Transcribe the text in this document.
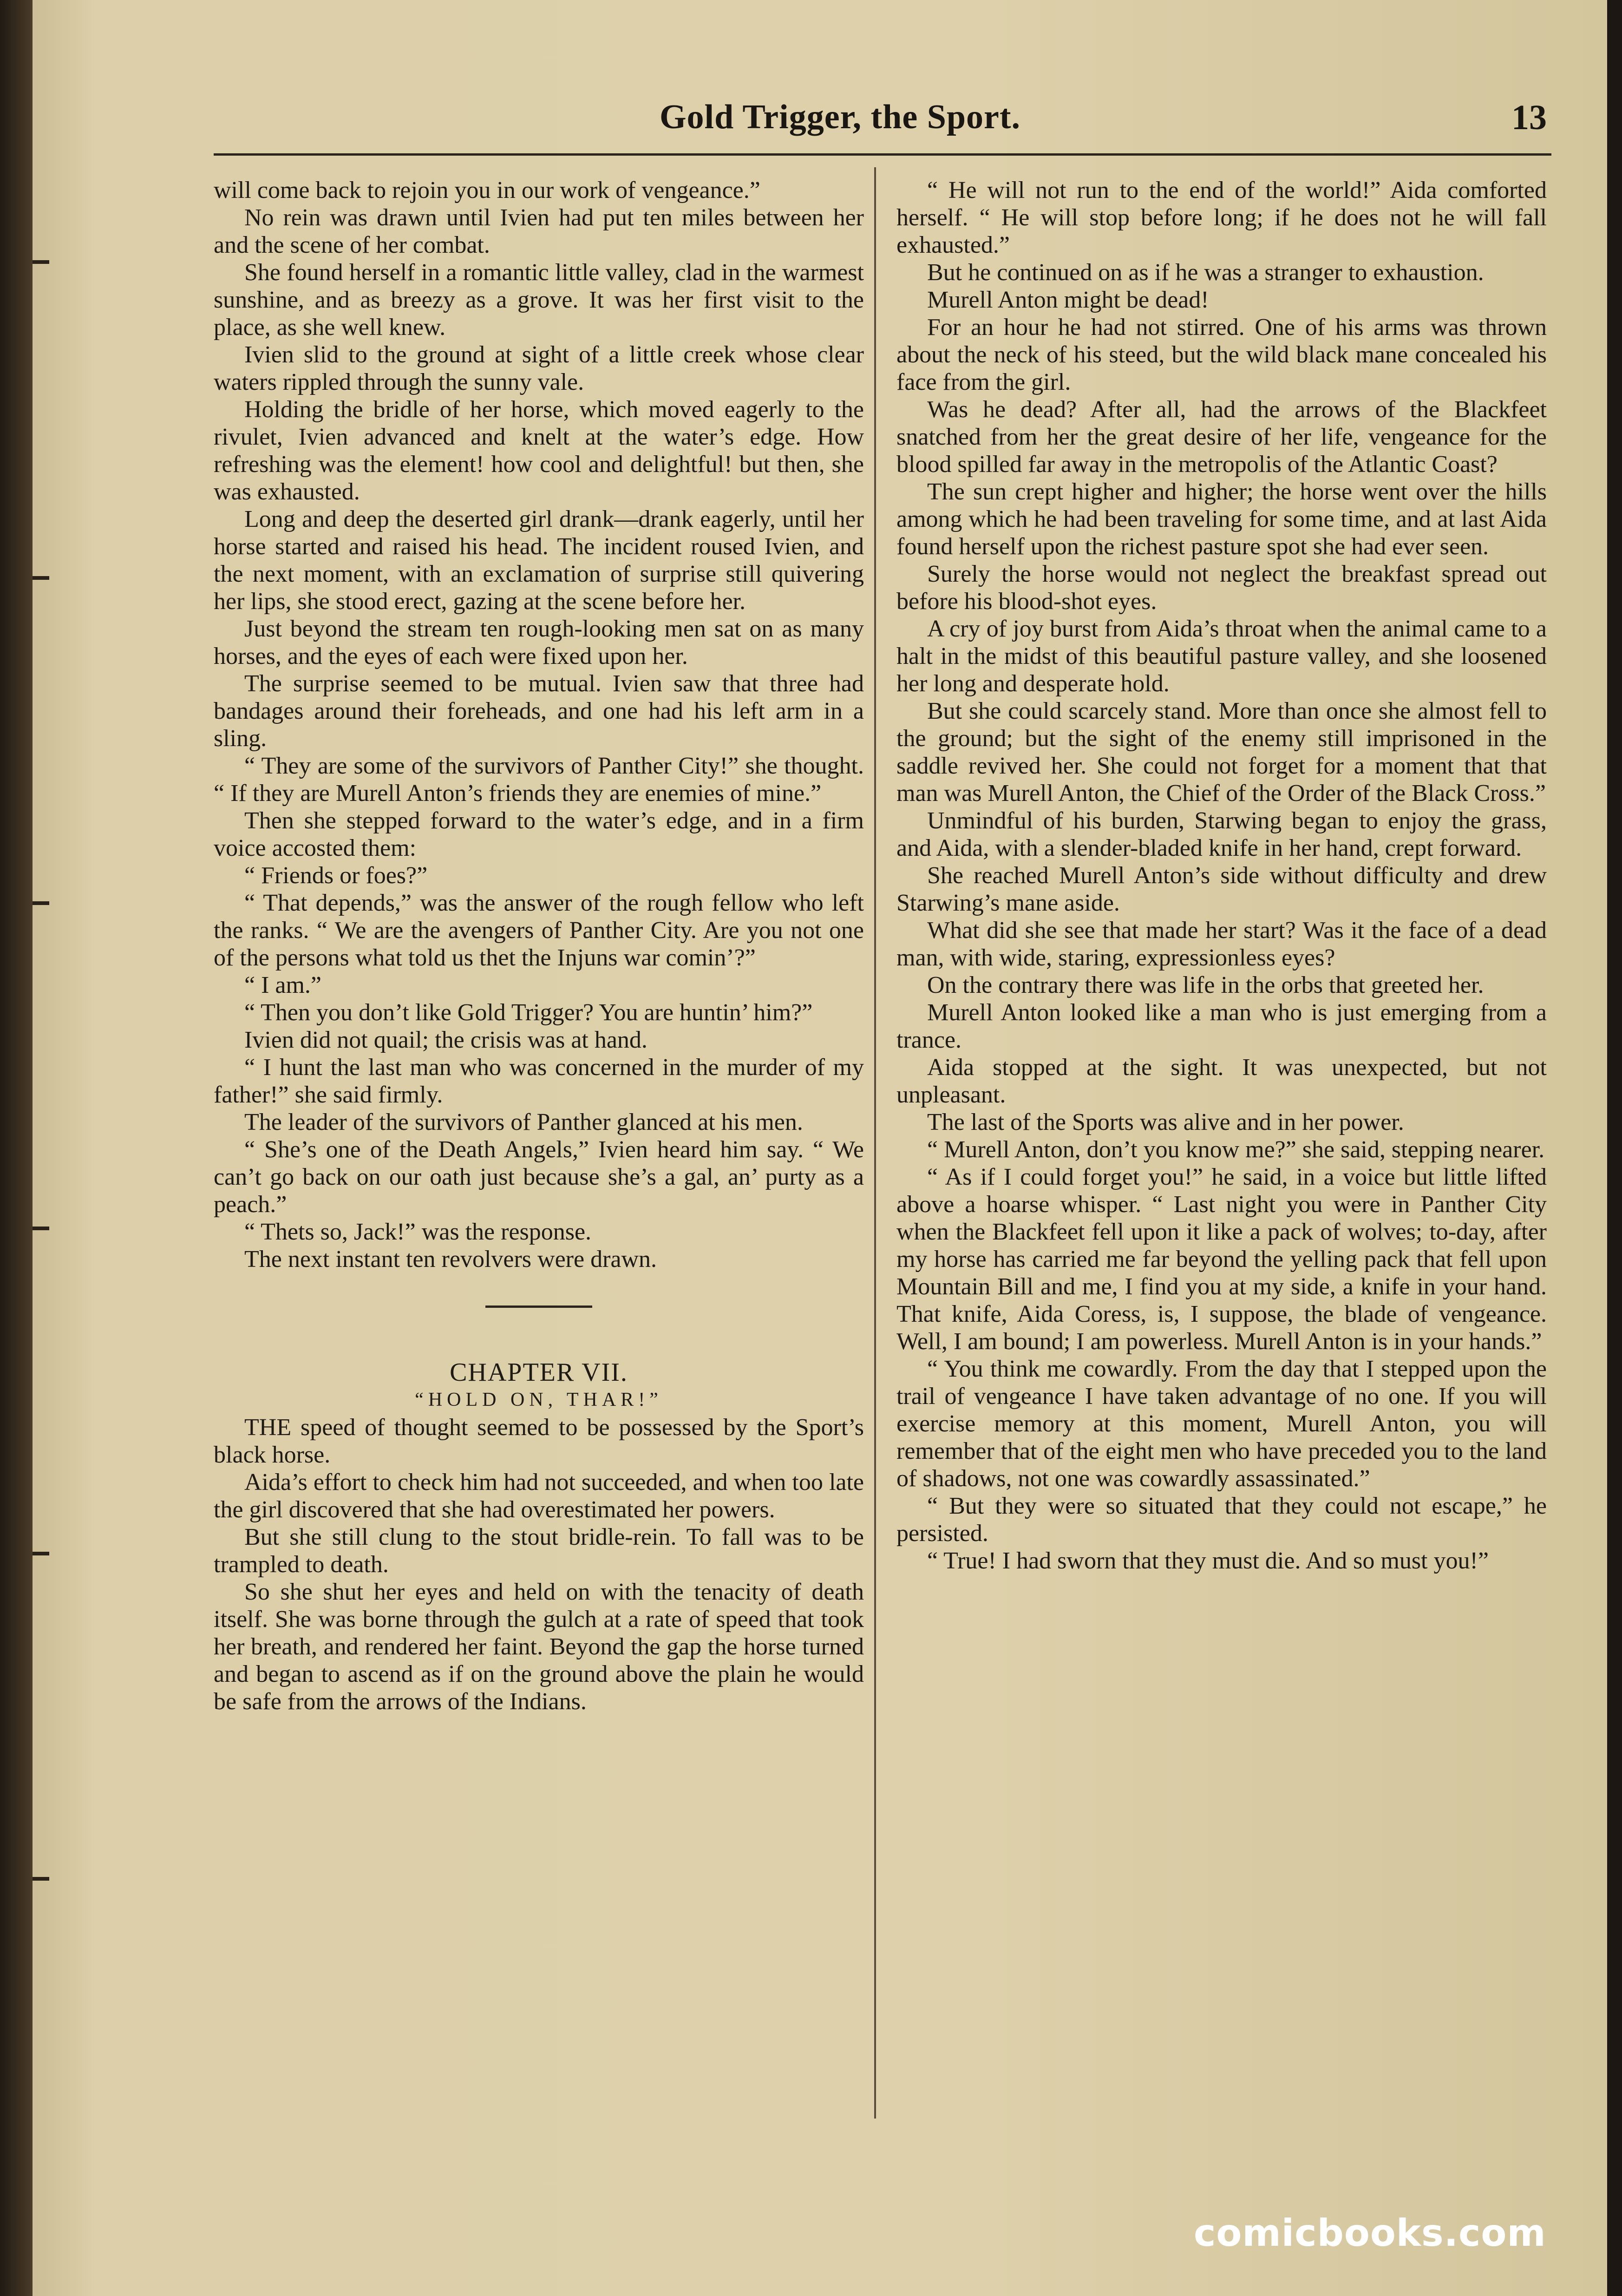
Gold Trigger, the Sport.	13

will come back to rejoin you in our work of vengeance.”

No rein was drawn until Ivien had put ten miles between her and the scene of her combat.

She found herself in a romantic little valley, clad in the warmest sunshine, and as breezy as a grove. It was her first visit to the place, as she well knew.

Ivien slid to the ground at sight of a little creek whose clear waters rippled through the sunny vale.

Holding the bridle of her horse, which moved eagerly to the rivulet, Ivien advanced and knelt at the water’s edge. How refreshing was the element! how cool and delightful! but then, she was exhausted.

Long and deep the deserted girl drank—drank eagerly, until her horse started and raised his head. The incident roused Ivien, and the next moment, with an exclamation of surprise still quivering her lips, she stood erect, gazing at the scene before her.

Just beyond the stream ten rough-looking men sat on as many horses, and the eyes of each were fixed upon her.

The surprise seemed to be mutual. Ivien saw that three had bandages around their foreheads, and one had his left arm in a sling.

“ They are some of the survivors of Panther City!” she thought. “ If they are Murell Anton’s friends they are enemies of mine.”

Then she stepped forward to the water’s edge, and in a firm voice accosted them:

“ Friends or foes?”

“ That depends,” was the answer of the rough fellow who left the ranks. “ We are the avengers of Panther City. Are you not one of the persons what told us thet the Injuns war comin’?”

“ I am.”

“ Then you don’t like Gold Trigger? You are huntin’ him?”

Ivien did not quail; the crisis was at hand.

“ I hunt the last man who was concerned in the murder of my father!” she said firmly.

The leader of the survivors of Panther glanced at his men.

“ She’s one of the Death Angels,” Ivien heard him say. “ We can’t go back on our oath just because she’s a gal, an’ purty as a peach.”

“ Thets so, Jack!” was the response.

The next instant ten revolvers were drawn.

CHAPTER VII.

“HOLD ON, THAR!”

THE speed of thought seemed to be possessed by the Sport’s black horse.

Aida’s effort to check him had not succeeded, and when too late the girl discovered that she had overestimated her powers.

But she still clung to the stout bridle-rein. To fall was to be trampled to death.

So she shut her eyes and held on with the tenacity of death itself. She was borne through the gulch at a rate of speed that took her breath, and rendered her faint. Beyond the gap the horse turned and began to ascend as if on the ground above the plain he would be safe from the arrows of the Indians.

“ He will not run to the end of the world!” Aida comforted herself. “ He will stop before long; if he does not he will fall exhausted.”

But he continued on as if he was a stranger to exhaustion.

Murell Anton might be dead!

For an hour he had not stirred. One of his arms was thrown about the neck of his steed, but the wild black mane concealed his face from the girl.

Was he dead? After all, had the arrows of the Blackfeet snatched from her the great desire of her life, vengeance for the blood spilled far away in the metropolis of the Atlantic Coast?

The sun crept higher and higher; the horse went over the hills among which he had been traveling for some time, and at last Aida found herself upon the richest pasture spot she had ever seen.

Surely the horse would not neglect the breakfast spread out before his blood-shot eyes.

A cry of joy burst from Aida’s throat when the animal came to a halt in the midst of this beautiful pasture valley, and she loosened her long and desperate hold.

But she could scarcely stand. More than once she almost fell to the ground; but the sight of the enemy still imprisoned in the saddle revived her. She could not forget for a moment that that man was Murell Anton, the Chief of the Order of the Black Cross.”

Unmindful of his burden, Starwing began to enjoy the grass, and Aida, with a slender-bladed knife in her hand, crept forward.

She reached Murell Anton’s side without difficulty and drew Starwing’s mane aside.

What did she see that made her start? Was it the face of a dead man, with wide, staring, expressionless eyes?

On the contrary there was life in the orbs that greeted her.

Murell Anton looked like a man who is just emerging from a trance.

Aida stopped at the sight. It was unexpected, but not unpleasant.

The last of the Sports was alive and in her power.

“ Murell Anton, don’t you know me?” she said, stepping nearer.

“ As if I could forget you!” he said, in a voice but little lifted above a hoarse whisper. “ Last night you were in Panther City when the Blackfeet fell upon it like a pack of wolves; to-day, after my horse has carried me far beyond the yelling pack that fell upon Mountain Bill and me, I find you at my side, a knife in your hand. That knife, Aida Coress, is, I suppose, the blade of vengeance. Well, I am bound; I am powerless. Murell Anton is in your hands.”

“ You think me cowardly. From the day that I stepped upon the trail of vengeance I have taken advantage of no one. If you will exercise memory at this moment, Murell Anton, you will remember that of the eight men who have preceded you to the land of shadows, not one was cowardly assassinated.”

“ But they were so situated that they could not escape,” he persisted.

“ True! I had sworn that they must die. And so must you!”

comicbooks.com
